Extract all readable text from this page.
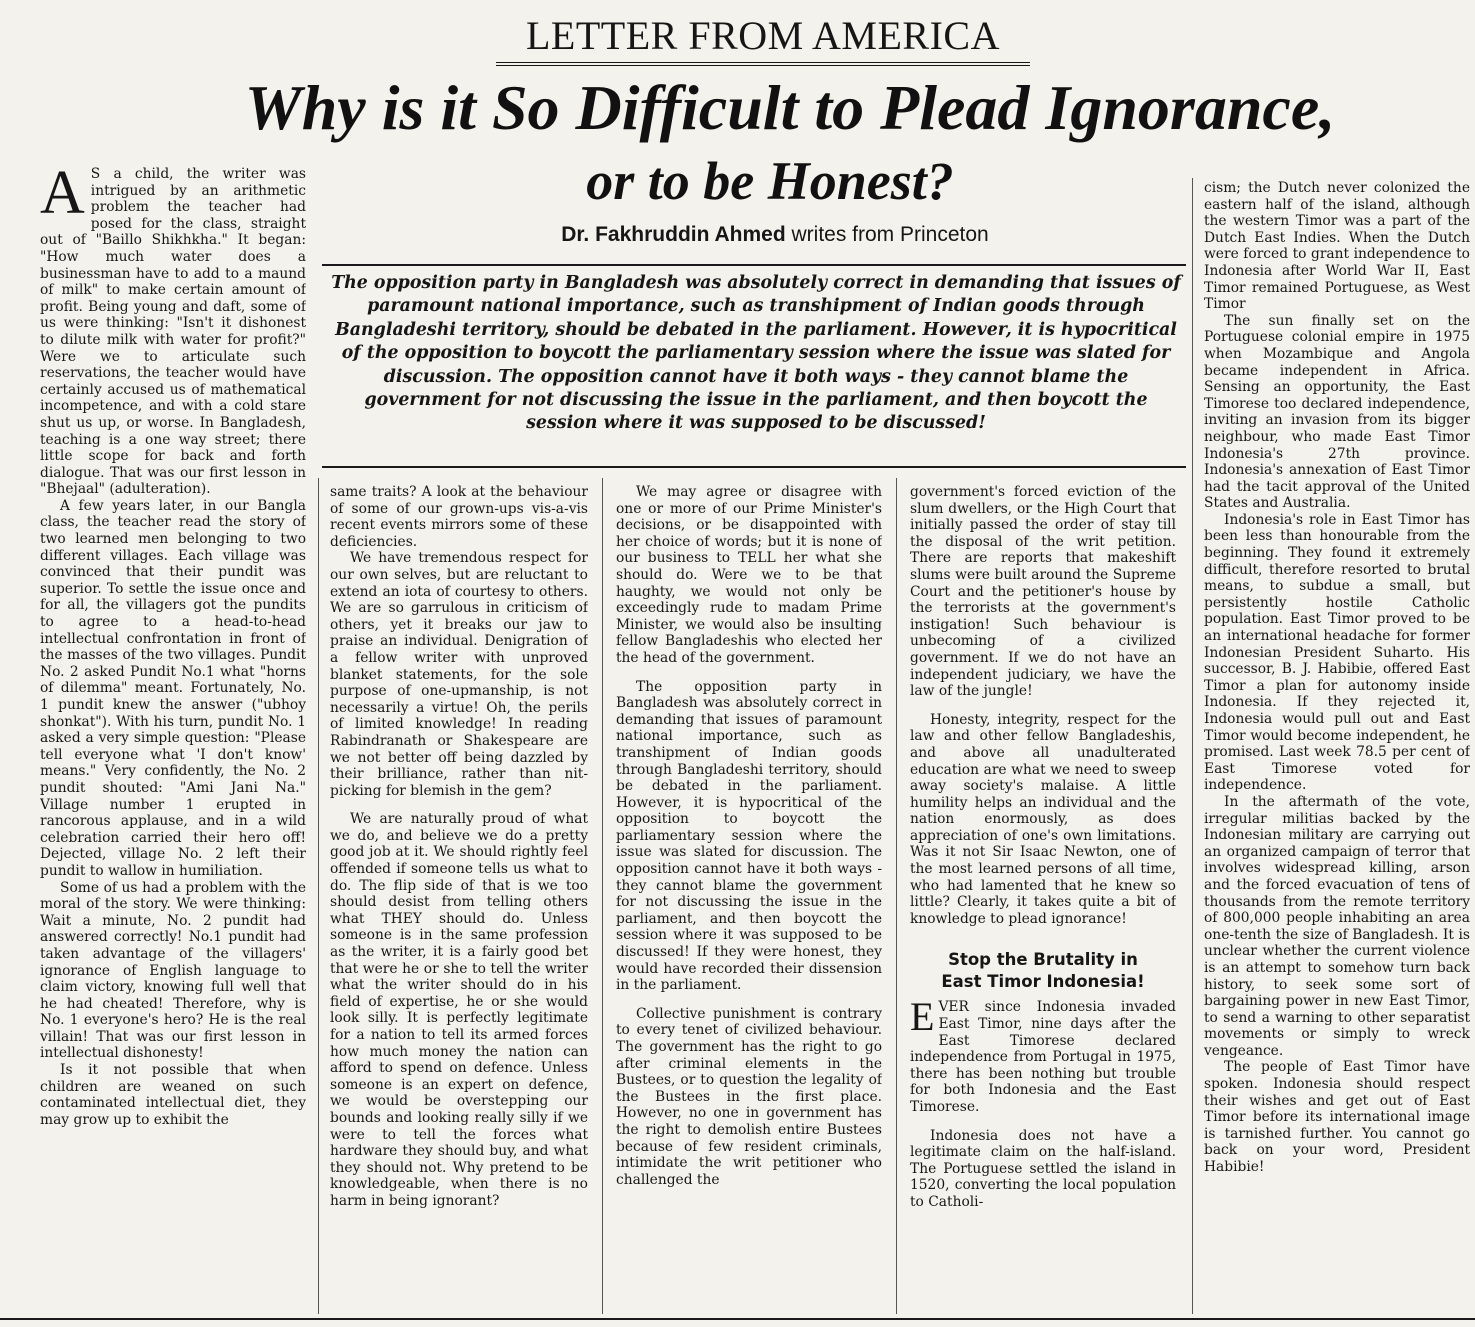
LETTER FROM AMERICA
Why is it So Difficult to Plead Ignorance,
or to be Honest?
Dr. Fakhruddin Ahmed writes from Princeton
The opposition party in Bangladesh was absolutely correct in demanding that issues of paramount national importance, such as transhipment of Indian goods through Bangladeshi territory, should be debated in the parliament. However, it is hypocritical of the opposition to boycott the parliamentary session where the issue was slated for discussion. The opposition cannot have it both ways - they cannot blame the government for not discussing the issue in the parliament, and then boycott the session where it was supposed to be discussed!

A S a child, the writer was intrigued by an arithmetic problem the teacher had posed for the class, straight out of "Baillo Shikhkha." It began: "How much water does a businessman have to add to a maund of milk" to make certain amount of profit. Being young and daft, some of us were thinking: "Isn't it dishonest to dilute milk with water for profit?" Were we to articulate such reservations, the teacher would have certainly accused us of mathematical incompetence, and with a cold stare shut us up, or worse. In Bangladesh, teaching is a one way street; there little scope for back and forth dialogue. That was our first lesson in "Bhejaal" (adulteration).

A few years later, in our Bangla class, the teacher read the story of two learned men belonging to two different villages. Each village was convinced that their pundit was superior. To settle the issue once and for all, the villagers got the pundits to agree to a head-to-head intellectual confrontation in front of the masses of the two villages. Pundit No. 2 asked Pundit No.1 what "horns of dilemma" meant. Fortunately, No. 1 pundit knew the answer ("ubhoy shonkat"). With his turn, pundit No. 1 asked a very simple question: "Please tell everyone what 'I don't know' means." Very confidently, the No. 2 pundit shouted: "Ami Jani Na." Village number 1 erupted in rancorous applause, and in a wild celebration carried their hero off! Dejected, village No. 2 left their pundit to wallow in humiliation.

Some of us had a problem with the moral of the story. We were thinking: Wait a minute, No. 2 pundit had answered correctly! No.1 pundit had taken advantage of the villagers' ignorance of English language to claim victory, knowing full well that he had cheated! Therefore, why is No. 1 everyone's hero? He is the real villain! That was our first lesson in intellectual dishonesty!

Is it not possible that when children are weaned on such contaminated intellectual diet, they may grow up to exhibit the

same traits? A look at the behaviour of some of our grown-ups vis-a-vis recent events mirrors some of these deficiencies.

We have tremendous respect for our own selves, but are reluctant to extend an iota of courtesy to others. We are so garrulous in criticism of others, yet it breaks our jaw to praise an individual. Denigration of a fellow writer with unproved blanket statements, for the sole purpose of one-upmanship, is not necessarily a virtue! Oh, the perils of limited knowledge! In reading Rabindranath or Shakespeare are we not better off being dazzled by their brilliance, rather than nit-picking for blemish in the gem?

We are naturally proud of what we do, and believe we do a pretty good job at it. We should rightly feel offended if someone tells us what to do. The flip side of that is we too should desist from telling others what THEY should do. Unless someone is in the same profession as the writer, it is a fairly good bet that were he or she to tell the writer what the writer should do in his field of expertise, he or she would look silly. It is perfectly legitimate for a nation to tell its armed forces how much money the nation can afford to spend on defence. Unless someone is an expert on defence, we would be overstepping our bounds and looking really silly if we were to tell the forces what hardware they should buy, and what they should not. Why pretend to be knowledgeable, when there is no harm in being ignorant?

We may agree or disagree with one or more of our Prime Minister's decisions, or be disappointed with her choice of words; but it is none of our business to TELL her what she should do. Were we to be that haughty, we would not only be exceedingly rude to madam Prime Minister, we would also be insulting fellow Bangladeshis who elected her the head of the government.

The opposition party in Bangladesh was absolutely correct in demanding that issues of paramount national importance, such as transhipment of Indian goods through Bangladeshi territory, should be debated in the parliament. However, it is hypocritical of the opposition to boycott the parliamentary session where the issue was slated for discussion. The opposition cannot have it both ways - they cannot blame the government for not discussing the issue in the parliament, and then boycott the session where it was supposed to be discussed! If they were honest, they would have recorded their dissension in the parliament.

Collective punishment is contrary to every tenet of civilized behaviour. The government has the right to go after criminal elements in the Bustees, or to question the legality of the Bustees in the first place. However, no one in government has the right to demolish entire Bustees because of few resident criminals, intimidate the writ petitioner who challenged the

government's forced eviction of the slum dwellers, or the High Court that initially passed the order of stay till the disposal of the writ petition. There are reports that makeshift slums were built around the Supreme Court and the petitioner's house by the terrorists at the government's instigation! Such behaviour is unbecoming of a civilized government. If we do not have an independent judiciary, we have the law of the jungle!

Honesty, integrity, respect for the law and other fellow Bangladeshis, and above all unadulterated education are what we need to sweep away society's malaise. A little humility helps an individual and the nation enormously, as does appreciation of one's own limitations. Was it not Sir Isaac Newton, one of the most learned persons of all time, who had lamented that he knew so little? Clearly, it takes quite a bit of knowledge to plead ignorance!

Stop the Brutality in
East Timor Indonesia!

EVER since Indonesia invaded East Timor, nine days after the East Timorese declared independence from Portugal in 1975, there has been nothing but trouble for both Indonesia and the East Timorese.

Indonesia does not have a legitimate claim on the half-island. The Portuguese settled the island in 1520, converting the local population to Catholi-

cism; the Dutch never colonized the eastern half of the island, although the western Timor was a part of the Dutch East Indies. When the Dutch were forced to grant independence to Indonesia after World War II, East Timor remained Portuguese, as West Timor

The sun finally set on the Portuguese colonial empire in 1975 when Mozambique and Angola became independent in Africa. Sensing an opportunity, the East Timorese too declared independence, inviting an invasion from its bigger neighbour, who made East Timor Indonesia's 27th province. Indonesia's annexation of East Timor had the tacit approval of the United States and Australia.

Indonesia's role in East Timor has been less than honourable from the beginning. They found it extremely difficult, therefore resorted to brutal means, to subdue a small, but persistently hostile Catholic population. East Timor proved to be an international headache for former Indonesian President Suharto. His successor, B. J. Habibie, offered East Timor a plan for autonomy inside Indonesia. If they rejected it, Indonesia would pull out and East Timor would become independent, he promised. Last week 78.5 per cent of East Timorese voted for independence.

In the aftermath of the vote, irregular militias backed by the Indonesian military are carrying out an organized campaign of terror that involves widespread killing, arson and the forced evacuation of tens of thousands from the remote territory of 800,000 people inhabiting an area one-tenth the size of Bangladesh. It is unclear whether the current violence is an attempt to somehow turn back history, to seek some sort of bargaining power in new East Timor, to send a warning to other separatist movements or simply to wreck vengeance.

The people of East Timor have spoken. Indonesia should respect their wishes and get out of East Timor before its international image is tarnished further. You cannot go back on your word, President Habibie!
